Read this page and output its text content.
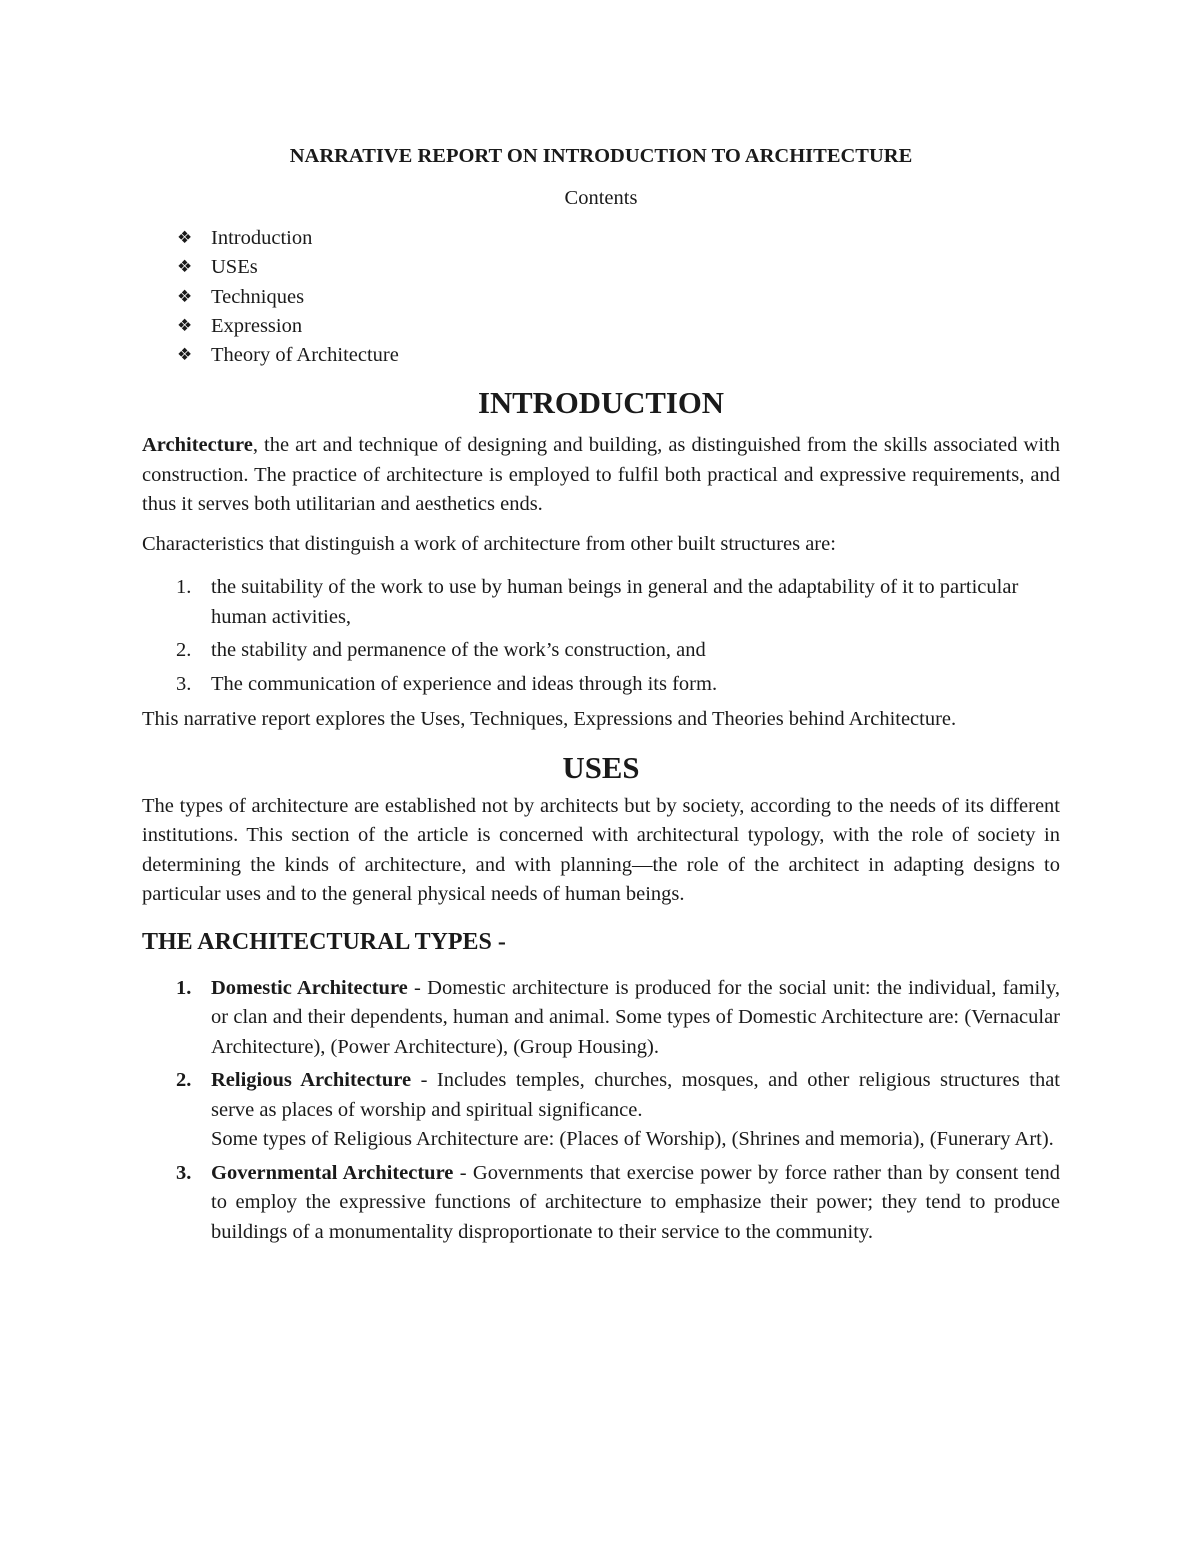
NARRATIVE REPORT ON INTRODUCTION TO ARCHITECTURE
Contents
❖ Introduction
❖ USEs
❖ Techniques
❖ Expression
❖ Theory of Architecture
INTRODUCTION

Architecture, the art and technique of designing and building, as distinguished from the skills associated with construction. The practice of architecture is employed to fulfil both practical and expressive requirements, and thus it serves both utilitarian and aesthetics ends.

Characteristics that distinguish a work of architecture from other built structures are:

1. the suitability of the work to use by human beings in general and the adaptability of it to particular human activities,
2. the stability and permanence of the work’s construction, and
3. The communication of experience and ideas through its form.

This narrative report explores the Uses, Techniques, Expressions and Theories behind Architecture.

USES

The types of architecture are established not by architects but by society, according to the needs of its different institutions. This section of the article is concerned with architectural typology, with the role of society in determining the kinds of architecture, and with planning—the role of the architect in adapting designs to particular uses and to the general physical needs of human beings.

THE ARCHITECTURAL TYPES -
1. Domestic Architecture - Domestic architecture is produced for the social unit: the individual, family, or clan and their dependents, human and animal. Some types of Domestic Architecture are: (Vernacular Architecture), (Power Architecture), (Group Housing).
2. Religious Architecture - Includes temples, churches, mosques, and other religious structures that serve as places of worship and spiritual significance.
Some types of Religious Architecture are: (Places of Worship), (Shrines and memoria), (Funerary Art).
3. Governmental Architecture - Governments that exercise power by force rather than by consent tend to employ the expressive functions of architecture to emphasize their power; they tend to produce buildings of a monumentality disproportionate to their service to the community.
